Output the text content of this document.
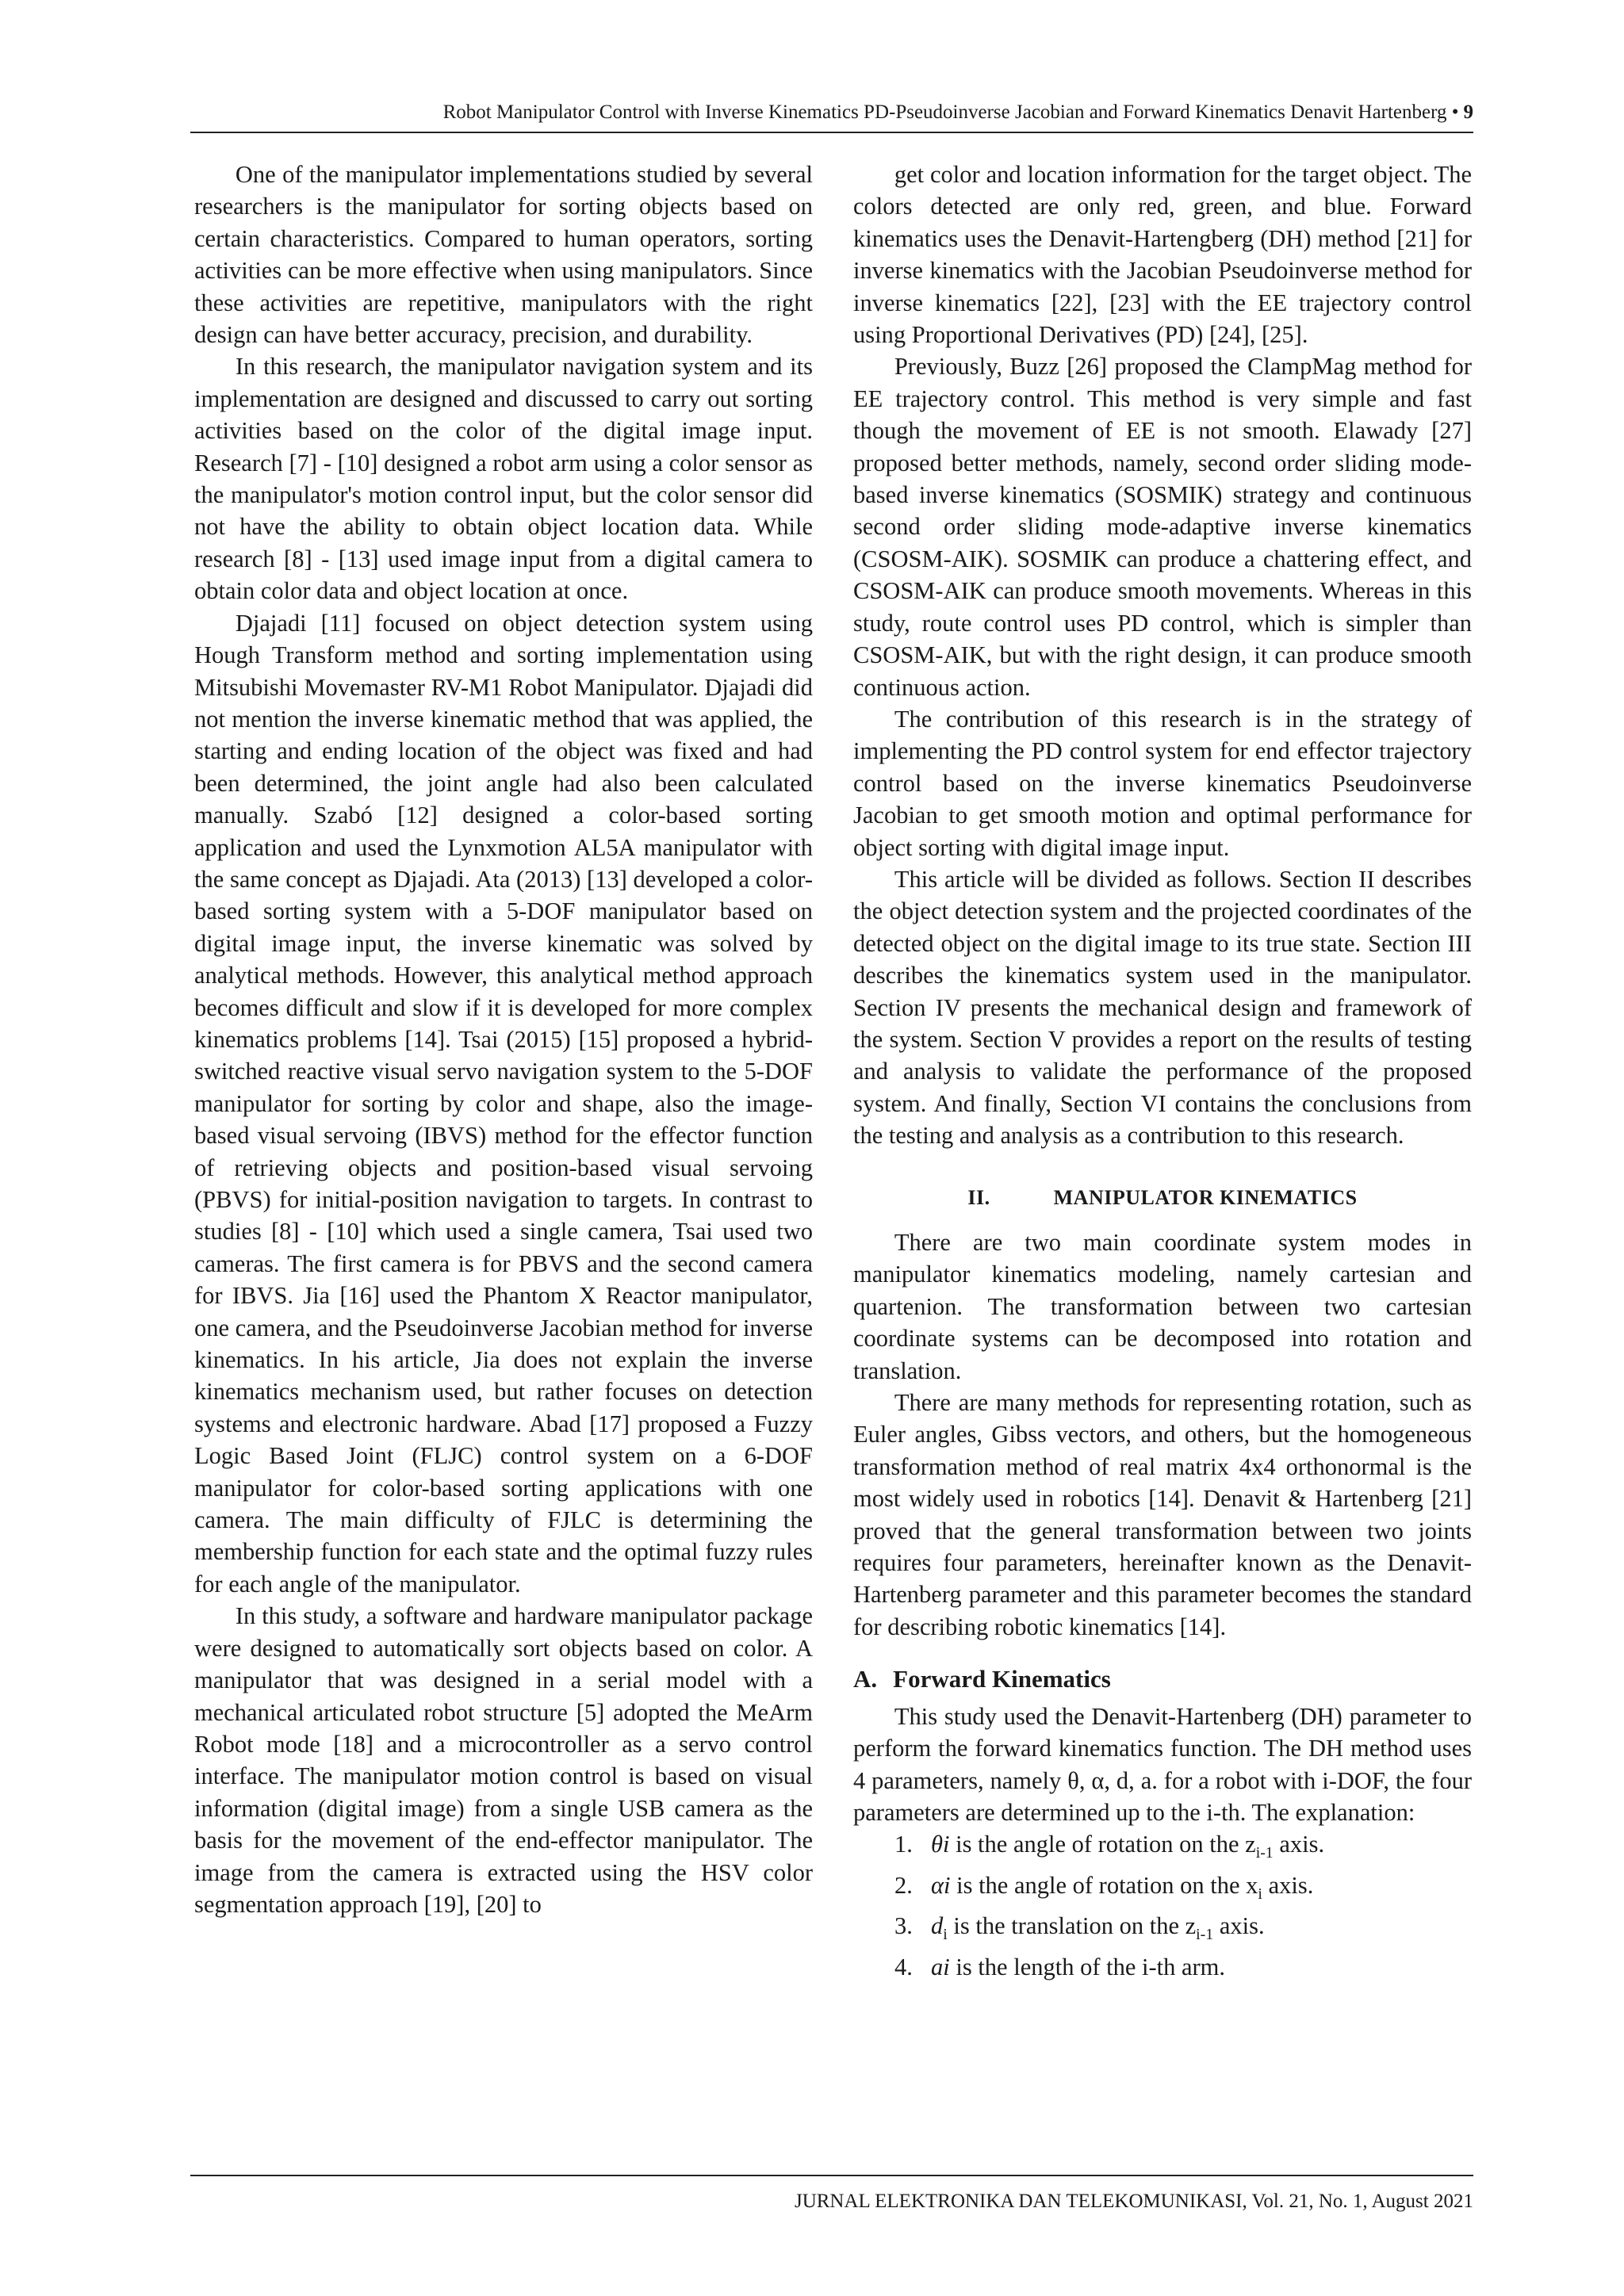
Robot Manipulator Control with Inverse Kinematics PD-Pseudoinverse Jacobian and Forward Kinematics Denavit Hartenberg • 9

One of the manipulator implementations studied by several researchers is the manipulator for sorting objects based on certain characteristics. Compared to human operators, sorting activities can be more effective when using manipulators. Since these activities are repetitive, manipulators with the right design can have better accuracy, precision, and durability.

In this research, the manipulator navigation system and its implementation are designed and discussed to carry out sorting activities based on the color of the digital image input. Research [7] - [10] designed a robot arm using a color sensor as the manipulator's motion control input, but the color sensor did not have the ability to obtain object location data. While research [8] - [13] used image input from a digital camera to obtain color data and object location at once.

Djajadi [11] focused on object detection system using Hough Transform method and sorting implementation using Mitsubishi Movemaster RV-M1 Robot Manipulator. Djajadi did not mention the inverse kinematic method that was applied, the starting and ending location of the object was fixed and had been determined, the joint angle had also been calculated manually. Szabó [12] designed a color-based sorting application and used the Lynxmotion AL5A manipulator with the same concept as Djajadi. Ata (2013) [13] developed a color-based sorting system with a 5-DOF manipulator based on digital image input, the inverse kinematic was solved by analytical methods. However, this analytical method approach becomes difficult and slow if it is developed for more complex kinematics problems [14]. Tsai (2015) [15] proposed a hybrid-switched reactive visual servo navigation system to the 5-DOF manipulator for sorting by color and shape, also the image-based visual servoing (IBVS) method for the effector function of retrieving objects and position-based visual servoing (PBVS) for initial-position navigation to targets. In contrast to studies [8] - [10] which used a single camera, Tsai used two cameras. The first camera is for PBVS and the second camera for IBVS. Jia [16] used the Phantom X Reactor manipulator, one camera, and the Pseudoinverse Jacobian method for inverse kinematics. In his article, Jia does not explain the inverse kinematics mechanism used, but rather focuses on detection systems and electronic hardware. Abad [17] proposed a Fuzzy Logic Based Joint (FLJC) control system on a 6-DOF manipulator for color-based sorting applications with one camera. The main difficulty of FJLC is determining the membership function for each state and the optimal fuzzy rules for each angle of the manipulator.

In this study, a software and hardware manipulator package were designed to automatically sort objects based on color. A manipulator that was designed in a serial model with a mechanical articulated robot structure [5] adopted the MeArm Robot mode [18] and a microcontroller as a servo control interface. The manipulator motion control is based on visual information (digital image) from a single USB camera as the basis for the movement of the end-effector manipulator. The image from the camera is extracted using the HSV color segmentation approach [19], [20] to

get color and location information for the target object. The colors detected are only red, green, and blue. Forward kinematics uses the Denavit-Hartengberg (DH) method [21] for inverse kinematics with the Jacobian Pseudoinverse method for inverse kinematics [22], [23] with the EE trajectory control using Proportional Derivatives (PD) [24], [25].

Previously, Buzz [26] proposed the ClampMag method for EE trajectory control. This method is very simple and fast though the movement of EE is not smooth. Elawady [27] proposed better methods, namely, second order sliding mode-based inverse kinematics (SOSMIK) strategy and continuous second order sliding mode-adaptive inverse kinematics (CSOSM-AIK). SOSMIK can produce a chattering effect, and CSOSM-AIK can produce smooth movements. Whereas in this study, route control uses PD control, which is simpler than CSOSM-AIK, but with the right design, it can produce smooth continuous action.

The contribution of this research is in the strategy of implementing the PD control system for end effector trajectory control based on the inverse kinematics Pseudoinverse Jacobian to get smooth motion and optimal performance for object sorting with digital image input.

This article will be divided as follows. Section II describes the object detection system and the projected coordinates of the detected object on the digital image to its true state. Section III describes the kinematics system used in the manipulator. Section IV presents the mechanical design and framework of the system. Section V provides a report on the results of testing and analysis to validate the performance of the proposed system. And finally, Section VI contains the conclusions from the testing and analysis as a contribution to this research.

II.	MANIPULATOR KINEMATICS

There are two main coordinate system modes in manipulator kinematics modeling, namely cartesian and quartenion. The transformation between two cartesian coordinate systems can be decomposed into rotation and translation.

There are many methods for representing rotation, such as Euler angles, Gibss vectors, and others, but the homogeneous transformation method of real matrix 4x4 orthonormal is the most widely used in robotics [14]. Denavit & Hartenberg [21] proved that the general transformation between two joints requires four parameters, hereinafter known as the Denavit-Hartenberg parameter and this parameter becomes the standard for describing robotic kinematics [14].

A. Forward Kinematics

This study used the Denavit-Hartenberg (DH) parameter to perform the forward kinematics function. The DH method uses 4 parameters, namely θ, α, d, a. for a robot with i-DOF, the four parameters are determined up to the i-th. The explanation:

1. θi is the angle of rotation on the $z_{i-1}$ axis.
2. αi is the angle of rotation on the $x_i$ axis.
3. $d_i$ is the translation on the $z_{i-1}$ axis.
4. ai is the length of the i-th arm.
JURNAL ELEKTRONIKA DAN TELEKOMUNIKASI, Vol. 21, No. 1, August 2021
